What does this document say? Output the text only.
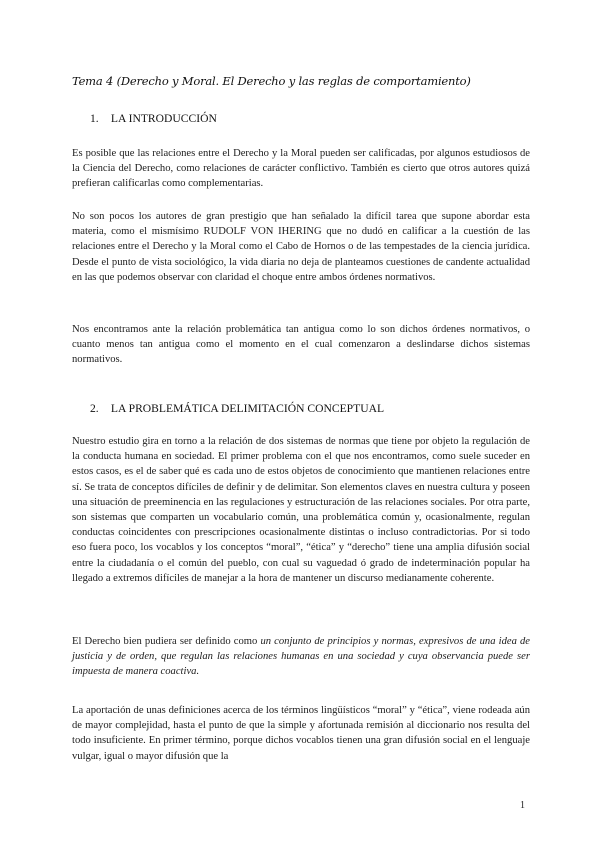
Tema 4 (Derecho y Moral. El Derecho y las reglas de comportamiento)
1. LA INTRODUCCIÓN

Es posible que las relaciones entre el Derecho y la Moral pueden ser calificadas, por algunos estudiosos de la Ciencia del Derecho, como relaciones de carácter conflictivo. También es cierto que otros autores quizá prefieran calificarlas como complementarias.

No son pocos los autores de gran prestigio que han señalado la difícil tarea que supone abordar esta materia, como el mismísimo RUDOLF VON IHERING que no dudó en calificar a la cuestión de las relaciones entre el Derecho y la Moral como el Cabo de Hornos o de las tempestades de la ciencia jurídica. Desde el punto de vista sociológico, la vida diaria no deja de planteamos cuestiones de candente actualidad en las que podemos observar con claridad el choque entre ambos órdenes normativos.

Nos encontramos ante la relación problemática tan antigua como lo son dichos órdenes normativos, o cuanto menos tan antigua como el momento en el cual comenzaron a deslindarse dichos sistemas normativos.

2. LA PROBLEMÁTICA DELIMITACIÓN CONCEPTUAL

Nuestro estudio gira en torno a la relación de dos sistemas de normas que tiene por objeto la regulación de la conducta humana en sociedad. El primer problema con el que nos encontramos, como suele suceder en estos casos, es el de saber qué es cada uno de estos objetos de conocimiento que mantienen relaciones entre sí. Se trata de conceptos difíciles de definir y de delimitar. Son elementos claves en nuestra cultura y poseen una situación de preeminencia en las regulaciones y estructuración de las relaciones sociales. Por otra parte, son sistemas que comparten un vocabulario común, una problemática común y, ocasionalmente, regulan conductas coincidentes con prescripciones ocasionalmente distintas o incluso contradictorias. Por si todo eso fuera poco, los vocablos y los conceptos “moral”, “ética” y “derecho” tiene una amplia difusión social entre la ciudadanía o el común del pueblo, con cual su vaguedad ó grado de indeterminación popular ha llegado a extremos difíciles de manejar a la hora de mantener un discurso medianamente coherente.

El Derecho bien pudiera ser definido como un conjunto de principios y normas, expresivos de una idea de justicia y de orden, que regulan las relaciones humanas en una sociedad y cuya observancia puede ser impuesta de manera coactiva.

La aportación de unas definiciones acerca de los términos lingüísticos “moral” y “ética”, viene rodeada aún de mayor complejidad, hasta el punto de que la simple y afortunada remisión al diccionario nos resulta del todo insuficiente. En primer término, porque dichos vocablos tienen una gran difusión social en el lenguaje vulgar, igual o mayor difusión que la

1
